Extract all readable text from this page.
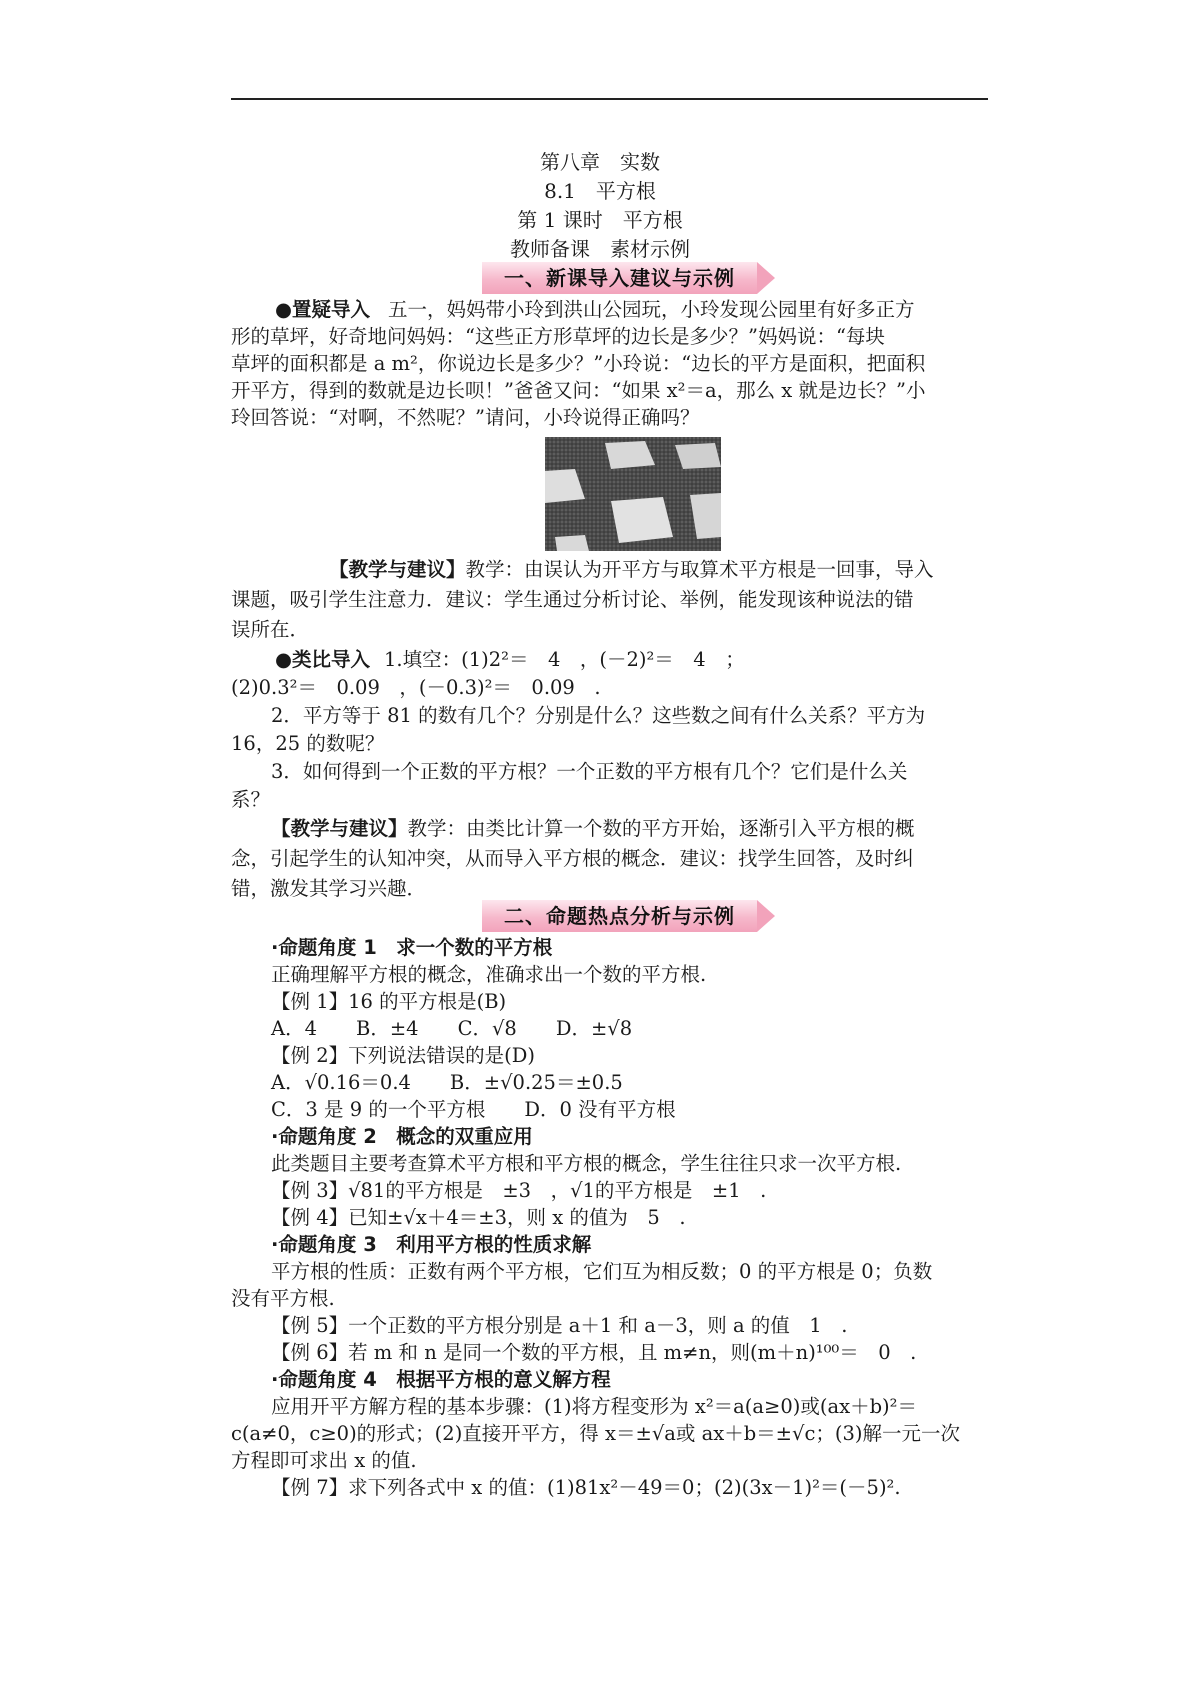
第八章　实数
8.1　平方根
第 1 课时　平方根
教师备课　素材示例
一、新课导入建议与示例
●置疑导入 五一，妈妈带小玲到洪山公园玩，小玲发现公园里有好多正方
形的草坪，好奇地问妈妈：“这些正方形草坪的边长是多少？”妈妈说：“每块
草坪的面积都是 a m²，你说边长是多少？”小玲说：“边长的平方是面积，把面积
开平方，得到的数就是边长呗！”爸爸又问：“如果 x²＝a，那么 x 就是边长？”小
玲回答说：“对啊，不然呢？”请问，小玲说得正确吗？
【教学与建议】教学：由误认为开平方与取算术平方根是一回事，导入
课题，吸引学生注意力．建议：学生通过分析讨论、举例，能发现该种说法的错
误所在．
●类比导入 1.填空：(1)2²＝　4　，(－2)²＝　4　；
(2)0.3²＝　0.09　，(－0.3)²＝　0.09　.
2．平方等于 81 的数有几个？分别是什么？这些数之间有什么关系？平方为
16，25 的数呢？
3．如何得到一个正数的平方根？一个正数的平方根有几个？它们是什么关
系？
【教学与建议】教学：由类比计算一个数的平方开始，逐渐引入平方根的概
念，引起学生的认知冲突，从而导入平方根的概念．建议：找学生回答，及时纠
错，激发其学习兴趣．
二、命题热点分析与示例
·命题角度 1　求一个数的平方根
正确理解平方根的概念，准确求出一个数的平方根.
【例 1】16 的平方根是(B)
A．4　　B．±4　　C．√8　　D．±√8
【例 2】下列说法错误的是(D)
A．√0.16＝0.4　　B．±√0.25＝±0.5
C．3 是 9 的一个平方根　　D．0 没有平方根
·命题角度 2　概念的双重应用
此类题目主要考查算术平方根和平方根的概念，学生往往只求一次平方根.
【例 3】√81的平方根是　±3　，√1的平方根是　±1　.
【例 4】已知±√x＋4＝±3，则 x 的值为　5　.
·命题角度 3　利用平方根的性质求解
平方根的性质：正数有两个平方根，它们互为相反数；0 的平方根是 0；负数
没有平方根.
【例 5】一个正数的平方根分别是 a＋1 和 a－3，则 a 的值　1　.
【例 6】若 m 和 n 是同一个数的平方根，且 m≠n，则(m＋n)¹⁰⁰＝　0　.
·命题角度 4　根据平方根的意义解方程
应用开平方解方程的基本步骤：(1)将方程变形为 x²＝a(a≥0)或(ax＋b)²＝
c(a≠0，c≥0)的形式；(2)直接开平方，得 x＝±√a或 ax＋b＝±√c；(3)解一元一次
方程即可求出 x 的值.
【例 7】求下列各式中 x 的值：(1)81x²－49＝0；(2)(3x－1)²＝(－5)².
